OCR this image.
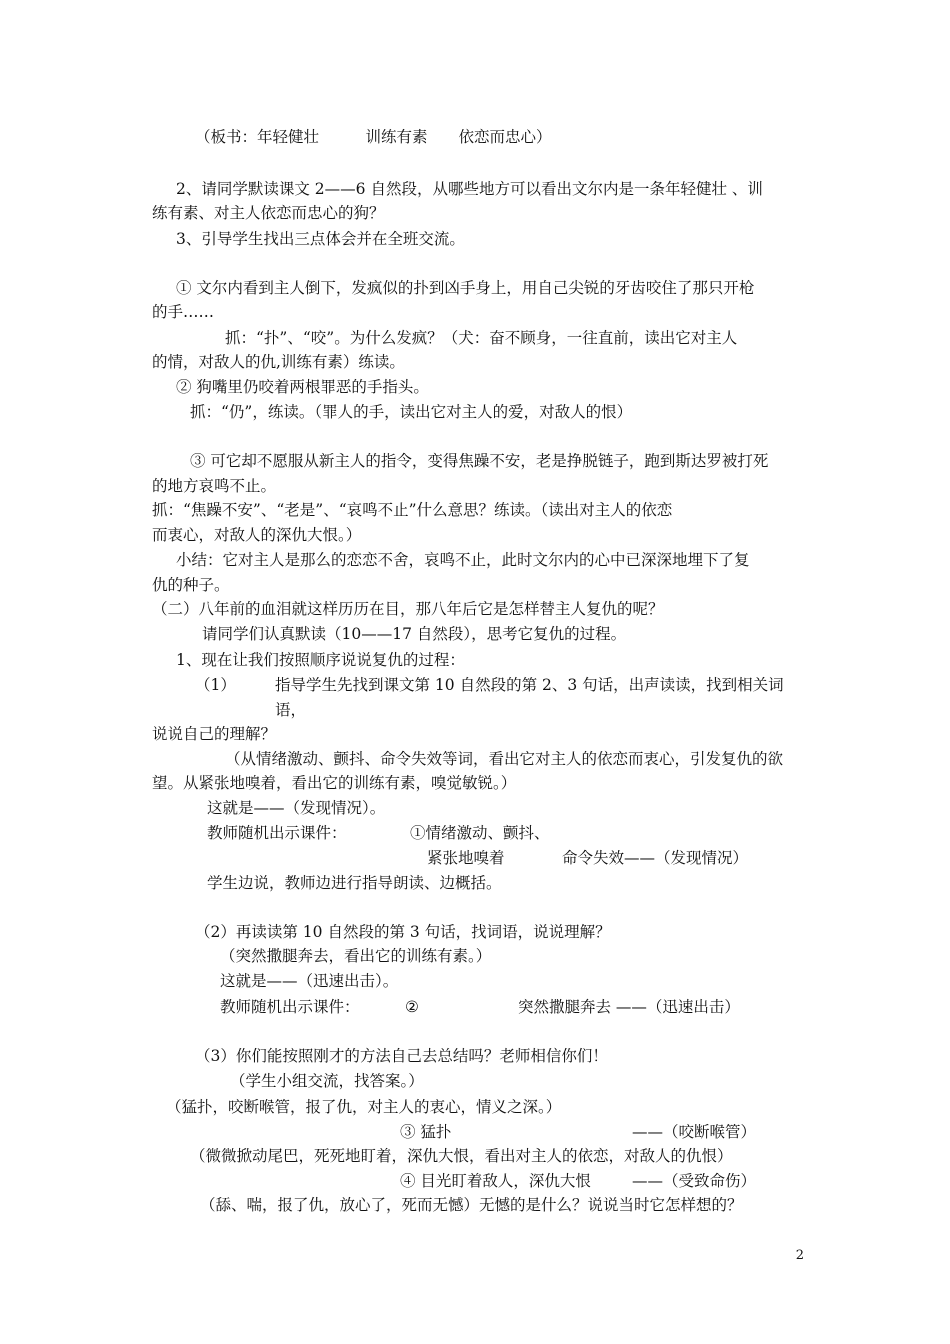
（板书：年轻健壮　　　训练有素　　依恋而忠心）
2、请同学默读课文 2——6 自然段，从哪些地方可以看出文尔内是一条年轻健壮 、训
练有素、对主人依恋而忠心的狗？
3、引导学生找出三点体会并在全班交流。
① 文尔内看到主人倒下，发疯似的扑到凶手身上，用自己尖锐的牙齿咬住了那只开枪
的手……
抓：“扑”、“咬”。为什么发疯？（犬：奋不顾身，一往直前，读出它对主人
的情，对敌人的仇,训练有素）练读。
② 狗嘴里仍咬着两根罪恶的手指头。
抓：“仍”，练读。（罪人的手，读出它对主人的爱，对敌人的恨）
③ 可它却不愿服从新主人的指令，变得焦躁不安，老是挣脱链子，跑到斯达罗被打死
的地方哀鸣不止。
抓：“焦躁不安”、“老是”、“哀鸣不止”什么意思？练读。（读出对主人的依恋
而衷心，对敌人的深仇大恨。）
小结：它对主人是那么的恋恋不舍，哀鸣不止，此时文尔内的心中已深深地埋下了复
仇的种子。
（二）八年前的血泪就这样历历在目，那八年后它是怎样替主人复仇的呢？
请同学们认真默读（10——17 自然段），思考它复仇的过程。
1、现在让我们按照顺序说说复仇的过程：
（1）	指导学生先找到课文第 10 自然段的第 2、3 句话，出声读读，找到相关词
语，
说说自己的理解？
（从情绪激动、颤抖、命令失效等词，看出它对主人的依恋而衷心，引发复仇的欲
望。从紧张地嗅着，看出它的训练有素，嗅觉敏锐。）
这就是——（发现情况）。
教师随机出示课件：	①情绪激动、颤抖、
紧张地嗅着	命令失效——（发现情况）
学生边说，教师边进行指导朗读、边概括。
（2）再读读第 10 自然段的第 3 句话，找词语，说说理解？
（突然撒腿奔去，看出它的训练有素。）
这就是——（迅速出击）。
教师随机出示课件：	②	突然撒腿奔去 ——（迅速出击）
（3）你们能按照刚才的方法自己去总结吗？老师相信你们！
（学生小组交流，找答案。）
（猛扑，咬断喉管，报了仇，对主人的衷心，情义之深。）
③ 猛扑	——（咬断喉管）
（微微掀动尾巴，死死地盯着，深仇大恨，看出对主人的依恋，对敌人的仇恨）
④ 目光盯着敌人，深仇大恨	——（受致命伤）
（舔、喘，报了仇，放心了，死而无憾）无憾的是什么？说说当时它怎样想的？
2
